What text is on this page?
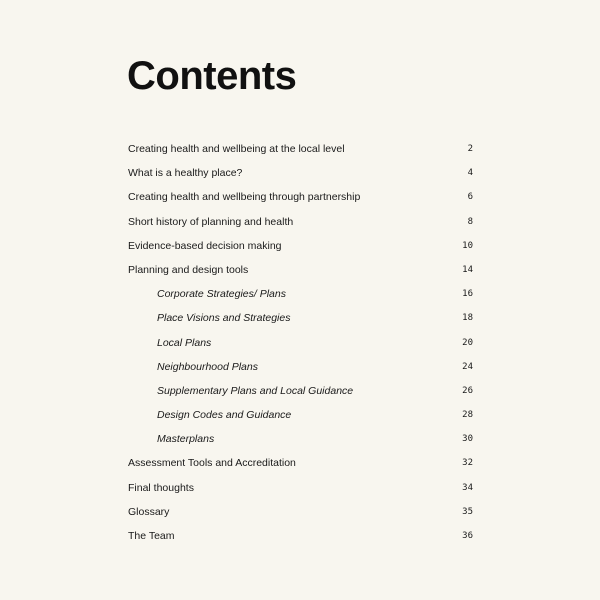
Contents
Creating health and wellbeing at the local level	2
What is a healthy place?	4
Creating health and wellbeing through partnership	6
Short history of planning and health	8
Evidence-based decision making	10
Planning and design tools	14
Corporate Strategies/ Plans	16
Place Visions and Strategies	18
Local Plans	20
Neighbourhood Plans	24
Supplementary Plans and Local Guidance	26
Design Codes and Guidance	28
Masterplans	30
Assessment Tools and Accreditation	32
Final thoughts	34
Glossary	35
The Team	36
